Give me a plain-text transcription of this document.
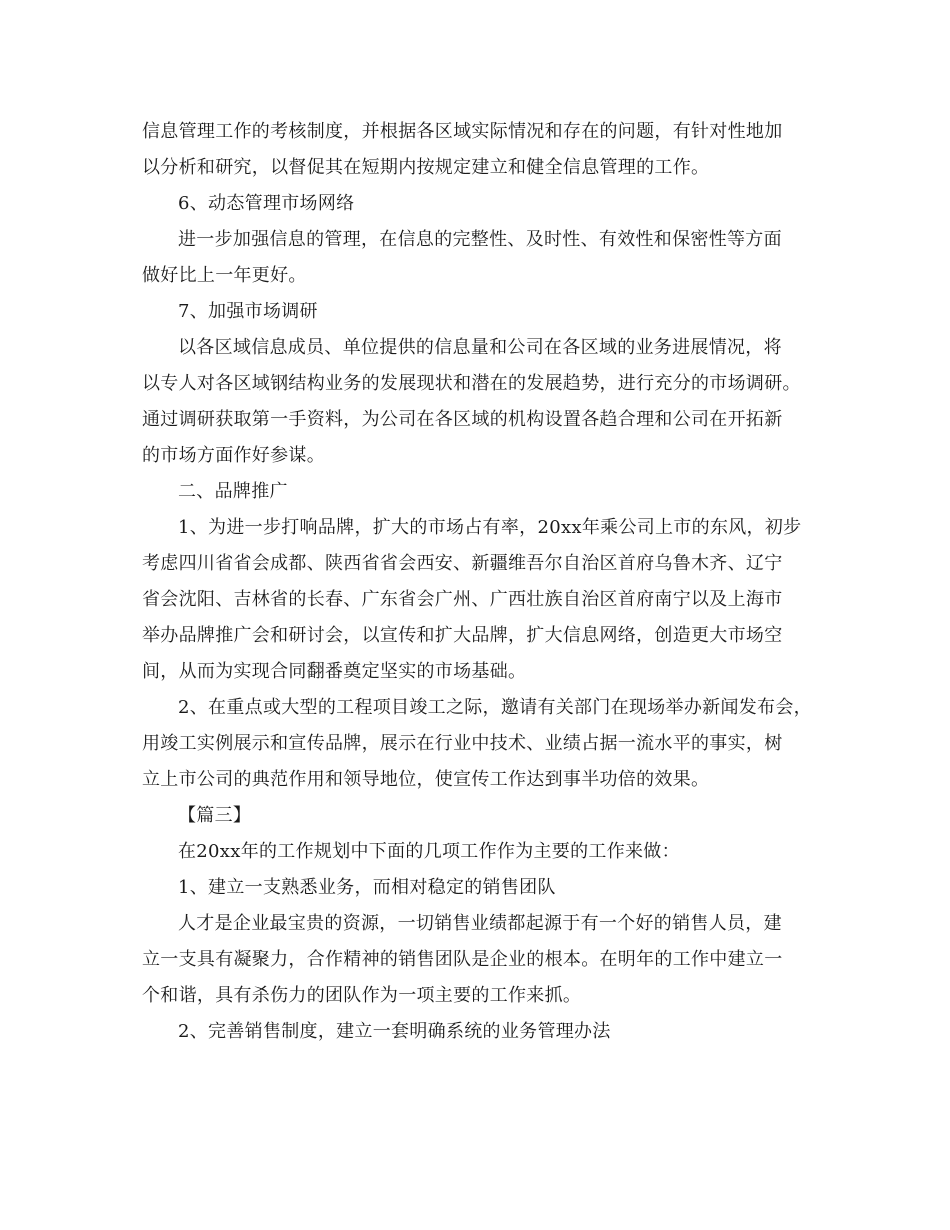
信息管理工作的考核制度，并根据各区域实际情况和存在的问题，有针对性地加
以分析和研究，以督促其在短期内按规定建立和健全信息管理的工作。
6、动态管理市场网络
进一步加强信息的管理，在信息的完整性、及时性、有效性和保密性等方面
做好比上一年更好。
7、加强市场调研
以各区域信息成员、单位提供的信息量和公司在各区域的业务进展情况，将
以专人对各区域钢结构业务的发展现状和潜在的发展趋势，进行充分的市场调研。
通过调研获取第一手资料，为公司在各区域的机构设置各趋合理和公司在开拓新
的市场方面作好参谋。
二、品牌推广
1、为进一步打响品牌，扩大的市场占有率，20xx年乘公司上市的东风，初步
考虑四川省省会成都、陕西省省会西安、新疆维吾尔自治区首府乌鲁木齐、辽宁
省会沈阳、吉林省的长春、广东省会广州、广西壮族自治区首府南宁以及上海市
举办品牌推广会和研讨会，以宣传和扩大品牌，扩大信息网络，创造更大市场空
间，从而为实现合同翻番奠定坚实的市场基础。
2、在重点或大型的工程项目竣工之际，邀请有关部门在现场举办新闻发布会，
用竣工实例展示和宣传品牌，展示在行业中技术、业绩占据一流水平的事实，树
立上市公司的典范作用和领导地位，使宣传工作达到事半功倍的效果。
【篇三】
在20xx年的工作规划中下面的几项工作作为主要的工作来做：
1、建立一支熟悉业务，而相对稳定的销售团队
人才是企业最宝贵的资源，一切销售业绩都起源于有一个好的销售人员，建
立一支具有凝聚力，合作精神的销售团队是企业的根本。在明年的工作中建立一
个和谐，具有杀伤力的团队作为一项主要的工作来抓。
2、完善销售制度，建立一套明确系统的业务管理办法
